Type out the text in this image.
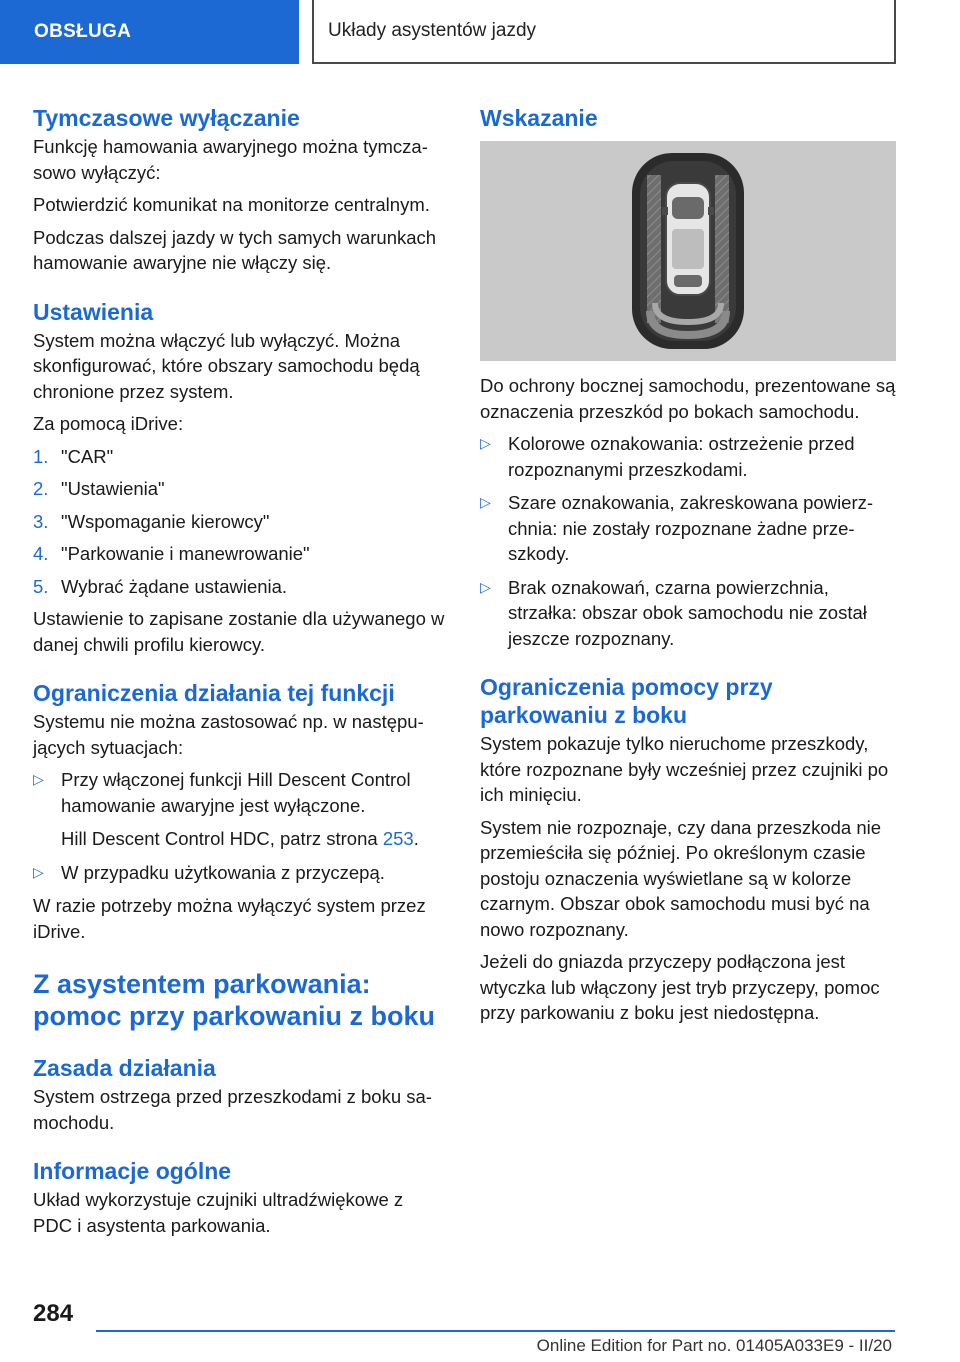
OBSŁUGA	Układy asystentów jazdy
Tymczasowe wyłączanie

Funkcję hamowania awaryjnego można tymczasowo wyłączyć:

Potwierdzić komunikat na monitorze centralnym.

Podczas dalszej jazdy w tych samych warunkach hamowanie awaryjne nie włączy się.

Ustawienia

System można włączyć lub wyłączyć. Można skonfigurować, które obszary samochodu będą chronione przez system.

Za pomocą iDrive:

1. "CAR"
2. "Ustawienia"
3. "Wspomaganie kierowcy"
4. "Parkowanie i manewrowanie"
5. Wybrać żądane ustawienia.

Ustawienie to zapisane zostanie dla używanego w danej chwili profilu kierowcy.

Ograniczenia działania tej funkcji

Systemu nie można zastosować np. w następujących sytuacjach:

▷ Przy włączonej funkcji Hill Descent Control hamowanie awaryjne jest wyłączone.

Hill Descent Control HDC, patrz strona 253.

▷ W przypadku użytkowania z przyczepą.

W razie potrzeby można wyłączyć system przez iDrive.

Z asystentem parkowania: pomoc przy parkowaniu z boku
Zasada działania

System ostrzega przed przeszkodami z boku samochodu.

Informacje ogólne

Układ wykorzystuje czujniki ultradźwiękowe z PDC i asystenta parkowania.

Wskazanie

Do ochrony bocznej samochodu, prezentowane są oznaczenia przeszkód po bokach samochodu.

▷ Kolorowe oznakowania: ostrzeżenie przed rozpoznanymi przeszkodami.

▷ Szare oznakowania, zakreskowana powierzchnia: nie zostały rozpoznane żadne przeszkody.

▷ Brak oznakowań, czarna powierzchnia, strzałka: obszar obok samochodu nie został jeszcze rozpoznany.

Ograniczenia pomocy przy parkowaniu z boku

System pokazuje tylko nieruchome przeszkody, które rozpoznane były wcześniej przez czujniki po ich minięciu.

System nie rozpoznaje, czy dana przeszkoda nie przemieściła się później. Po określonym czasie postoju oznaczenia wyświetlane są w kolorze czarnym. Obszar obok samochodu musi być na nowo rozpoznany.

Jeżeli do gniazda przyczepy podłączona jest wtyczka lub włączony jest tryb przyczepy, pomoc przy parkowaniu z boku jest niedostępna.

284
Online Edition for Part no. 01405A033E9 - II/20
